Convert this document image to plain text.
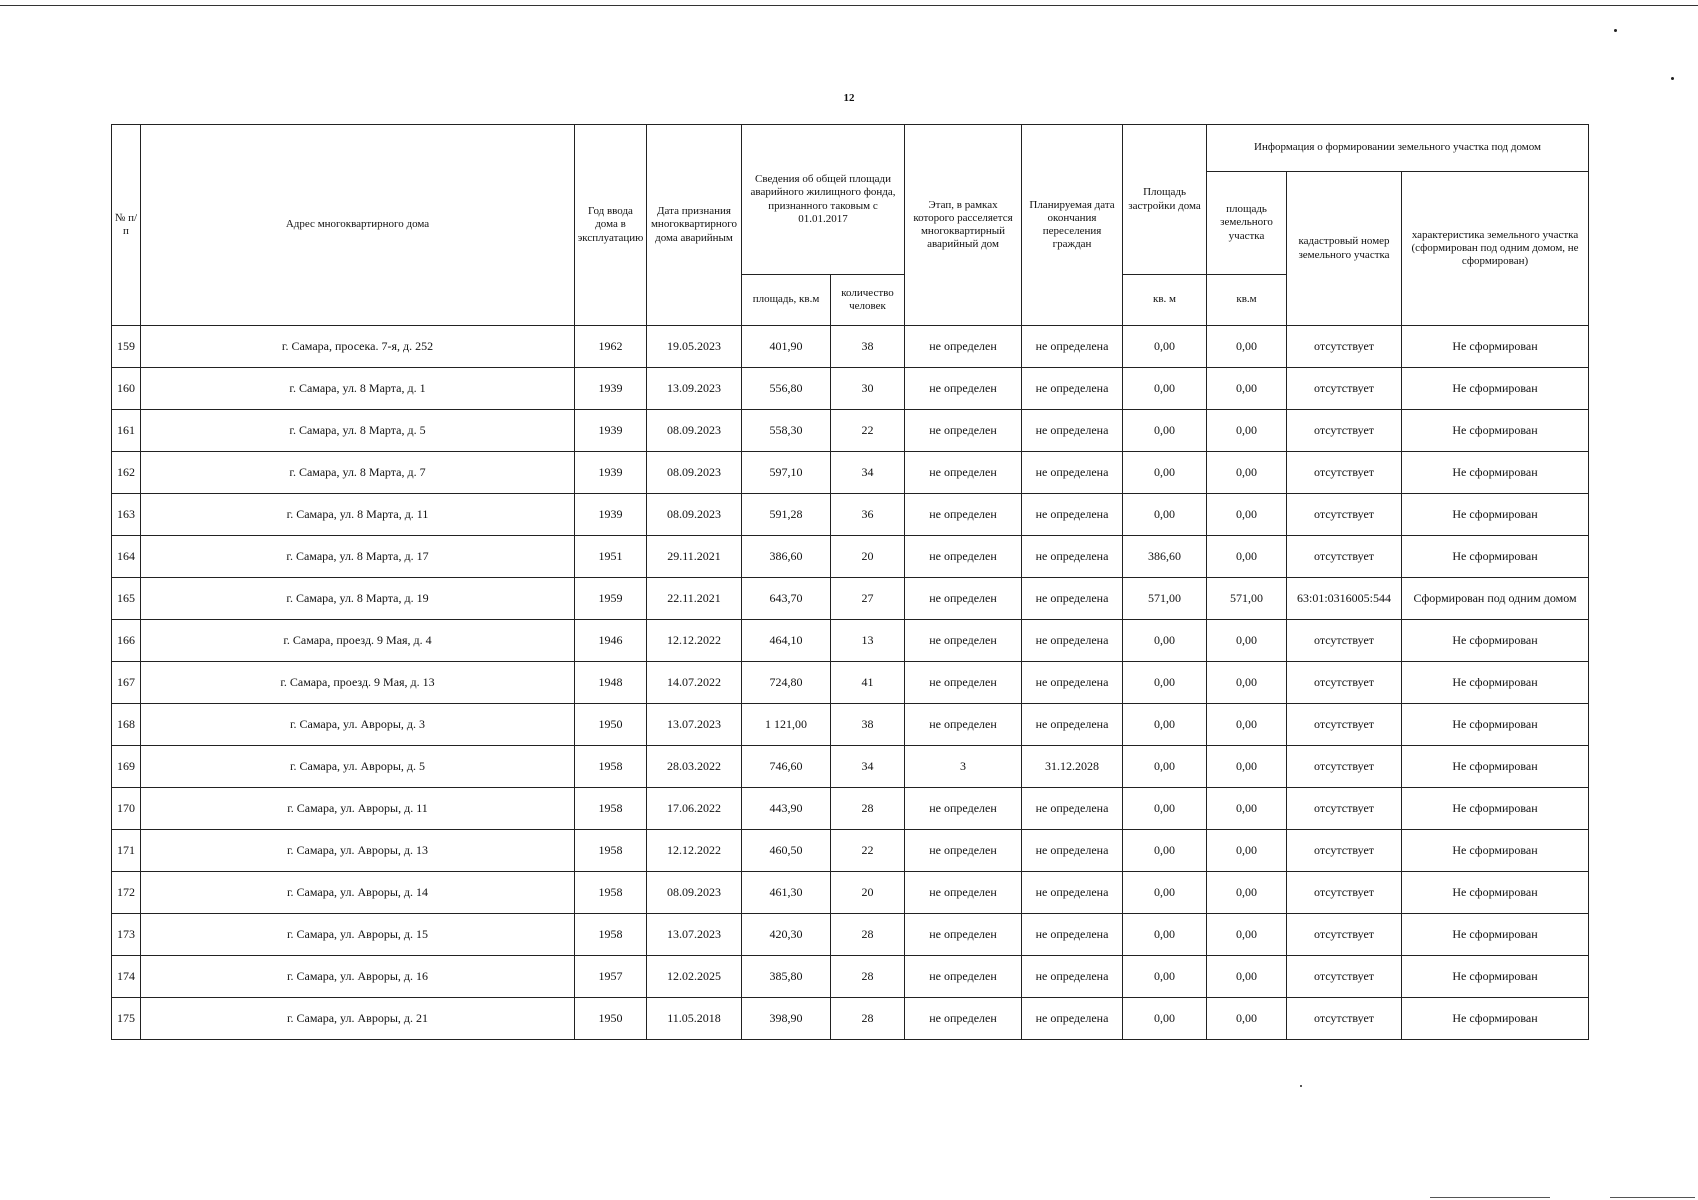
12
№ п/п	Адрес многоквартирного дома	Год ввода дома в эксплуатацию	Дата признания многоквартирного дома аварийным	Сведения об общей площади аварийного жилищного фонда, признанного таковым с 01.01.2017		Этап, в рамках которого расселяется многоквартирный аварийный дом	Планируемая дата окончания переселения граждан	Площадь застройки дома	Информация о формировании земельного участка под домом		
									площадь земельного участка	кадастровый номер земельного участка	характеристика земельного участка (сформирован под одним домом, не сформирован)
				площадь, кв.м	количество человек			кв. м	кв.м		
159	г. Самара, просека. 7-я, д. 252	1962	19.05.2023	401,90	38	не определен	не определена	0,00	0,00	отсутствует	Не сформирован
160	г. Самара, ул. 8 Марта, д. 1	1939	13.09.2023	556,80	30	не определен	не определена	0,00	0,00	отсутствует	Не сформирован
161	г. Самара, ул. 8 Марта, д. 5	1939	08.09.2023	558,30	22	не определен	не определена	0,00	0,00	отсутствует	Не сформирован
162	г. Самара, ул. 8 Марта, д. 7	1939	08.09.2023	597,10	34	не определен	не определена	0,00	0,00	отсутствует	Не сформирован
163	г. Самара, ул. 8 Марта, д. 11	1939	08.09.2023	591,28	36	не определен	не определена	0,00	0,00	отсутствует	Не сформирован
164	г. Самара, ул. 8 Марта, д. 17	1951	29.11.2021	386,60	20	не определен	не определена	386,60	0,00	отсутствует	Не сформирован
165	г. Самара, ул. 8 Марта, д. 19	1959	22.11.2021	643,70	27	не определен	не определена	571,00	571,00	63:01:0316005:544	Сформирован под одним домом
166	г. Самара, проезд. 9 Мая, д. 4	1946	12.12.2022	464,10	13	не определен	не определена	0,00	0,00	отсутствует	Не сформирован
167	г. Самара, проезд. 9 Мая, д. 13	1948	14.07.2022	724,80	41	не определен	не определена	0,00	0,00	отсутствует	Не сформирован
168	г. Самара, ул. Авроры, д. 3	1950	13.07.2023	1 121,00	38	не определен	не определена	0,00	0,00	отсутствует	Не сформирован
169	г. Самара, ул. Авроры, д. 5	1958	28.03.2022	746,60	34	3	31.12.2028	0,00	0,00	отсутствует	Не сформирован
170	г. Самара, ул. Авроры, д. 11	1958	17.06.2022	443,90	28	не определен	не определена	0,00	0,00	отсутствует	Не сформирован
171	г. Самара, ул. Авроры, д. 13	1958	12.12.2022	460,50	22	не определен	не определена	0,00	0,00	отсутствует	Не сформирован
172	г. Самара, ул. Авроры, д. 14	1958	08.09.2023	461,30	20	не определен	не определена	0,00	0,00	отсутствует	Не сформирован
173	г. Самара, ул. Авроры, д. 15	1958	13.07.2023	420,30	28	не определен	не определена	0,00	0,00	отсутствует	Не сформирован
174	г. Самара, ул. Авроры, д. 16	1957	12.02.2025	385,80	28	не определен	не определена	0,00	0,00	отсутствует	Не сформирован
175	г. Самара, ул. Авроры, д. 21	1950	11.05.2018	398,90	28	не определен	не определена	0,00	0,00	отсутствует	Не сформирован
